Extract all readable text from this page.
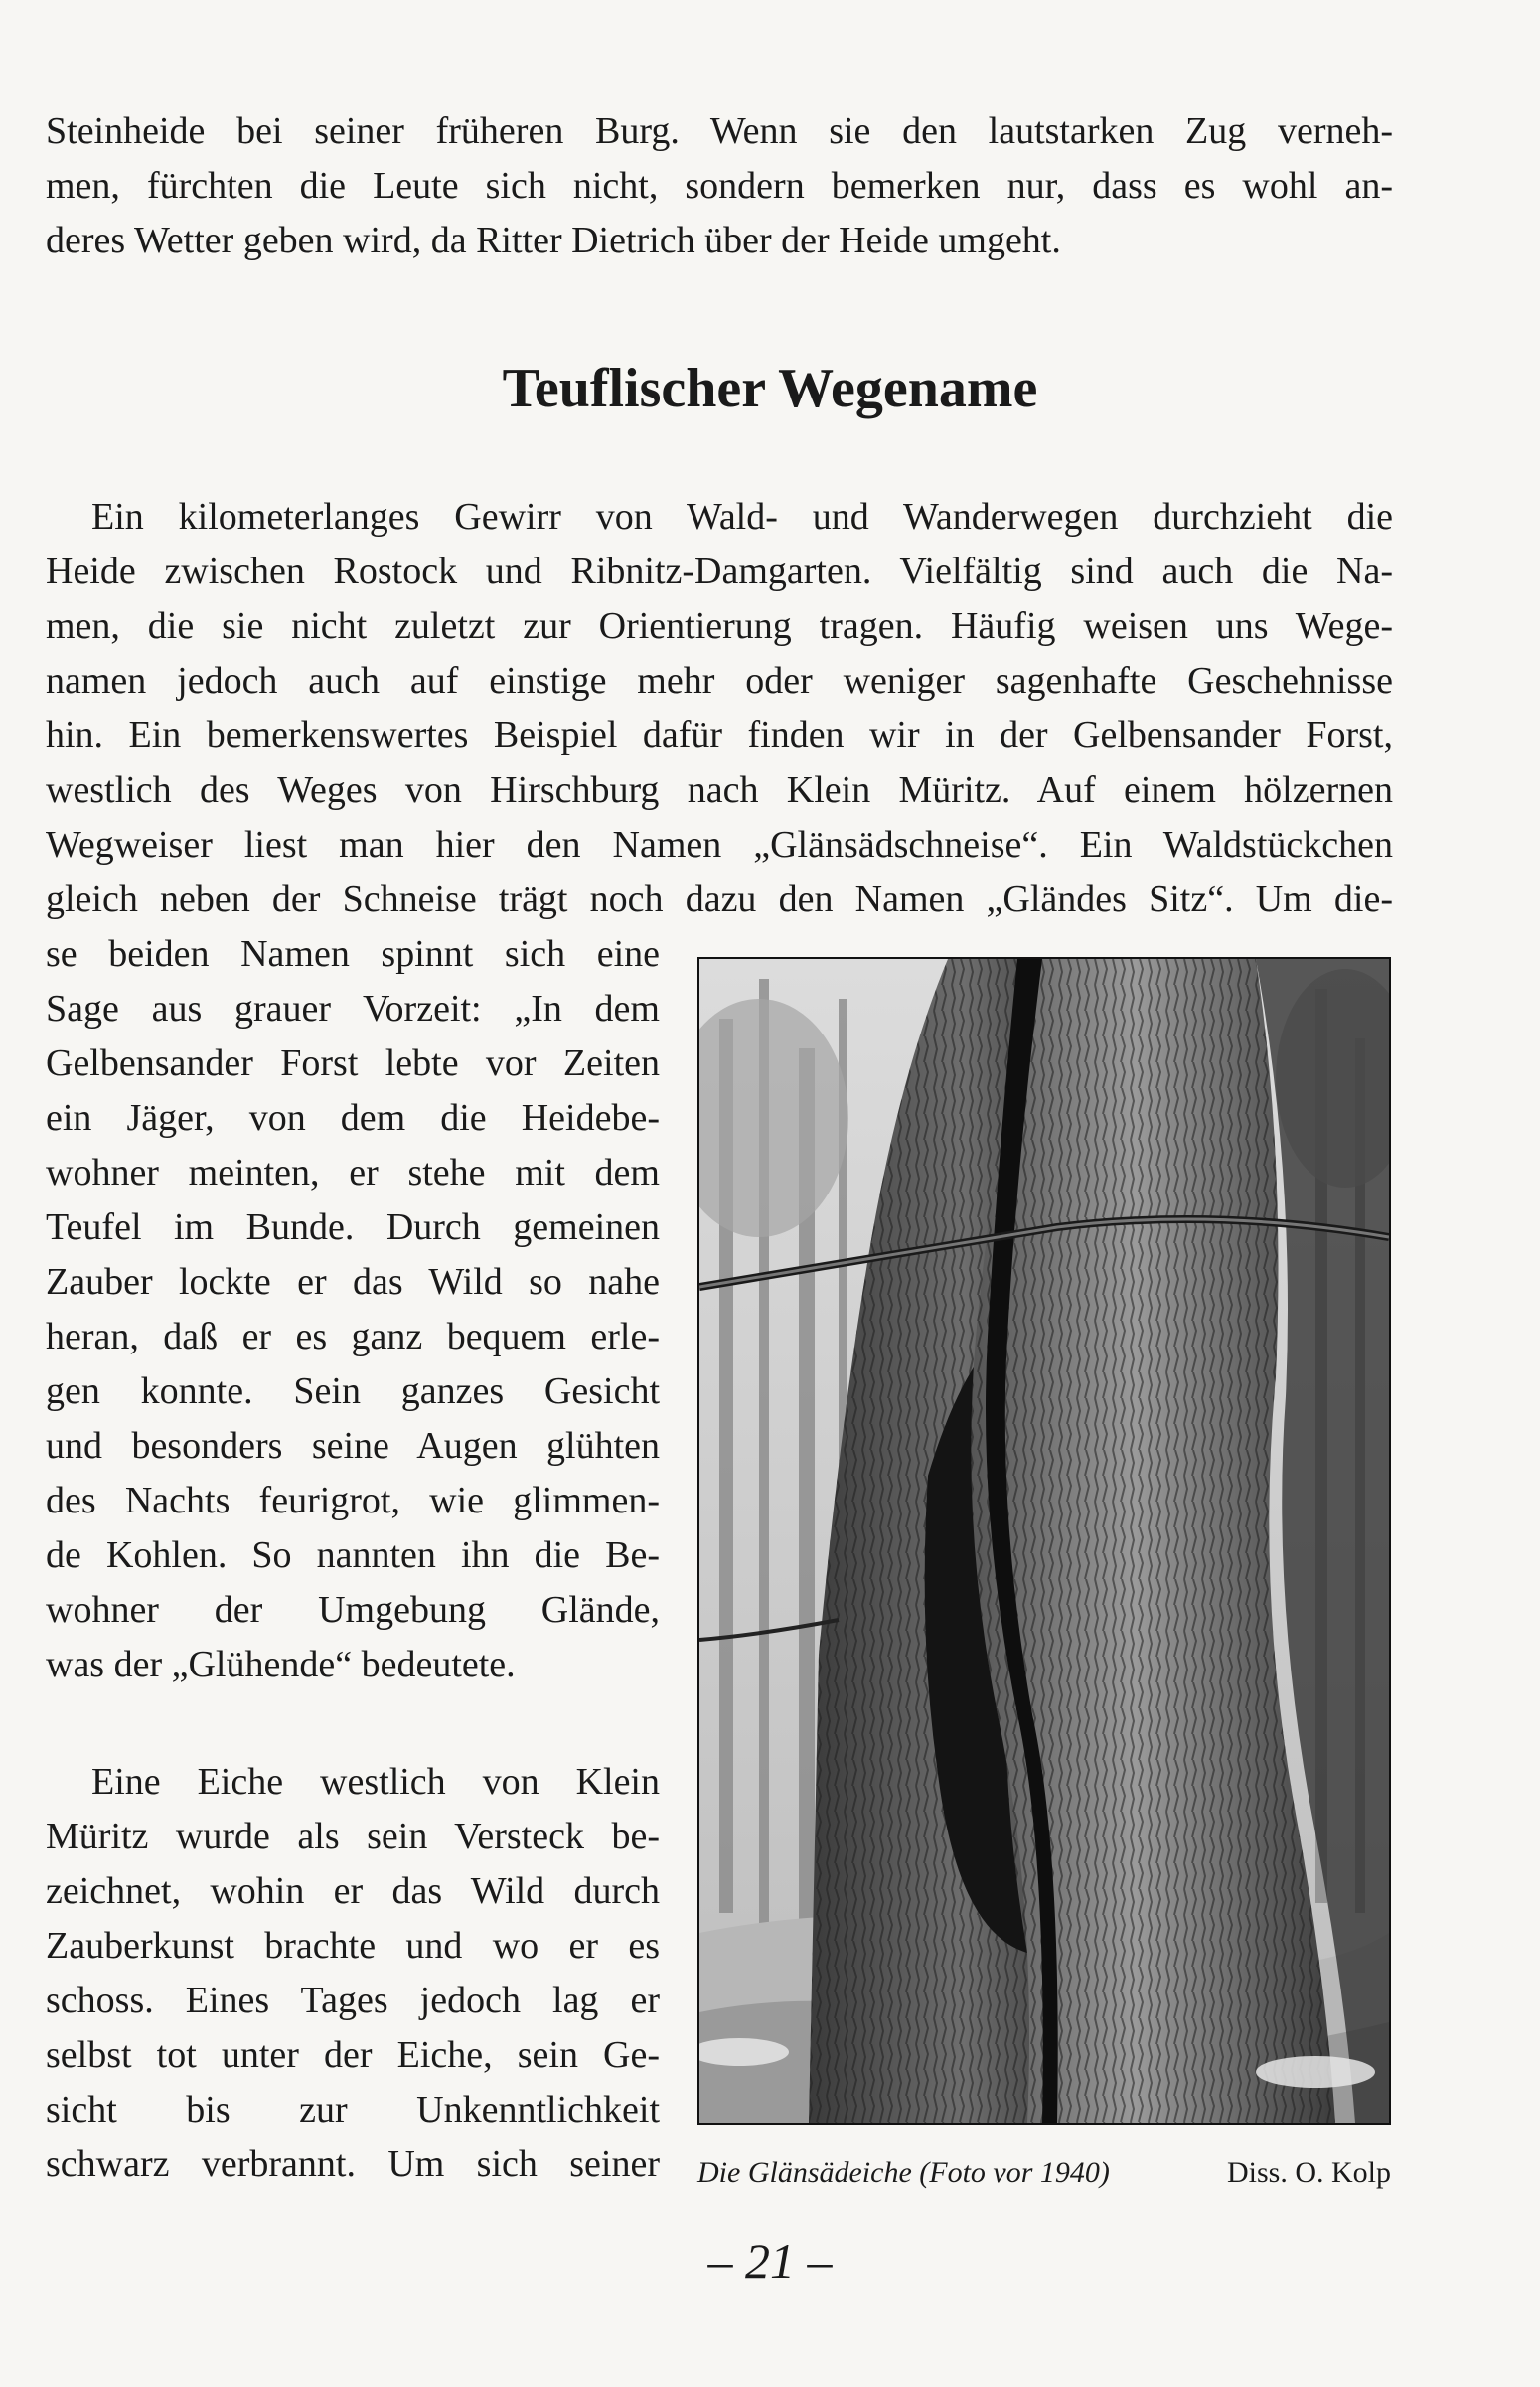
Steinheide bei seiner früheren Burg. Wenn sie den lautstarken Zug verneh-
men, fürchten die Leute sich nicht, sondern bemerken nur, dass es wohl an-
deres Wetter geben wird, da Ritter Dietrich über der Heide umgeht.
Teuflischer Wegename
Ein kilometerlanges Gewirr von Wald- und Wanderwegen durchzieht die
Heide zwischen Rostock und Ribnitz-Damgarten. Vielfältig sind auch die Na-
men, die sie nicht zuletzt zur Orientierung tragen. Häufig weisen uns Wege-
namen jedoch auch auf einstige mehr oder weniger sagenhafte Geschehnisse
hin. Ein bemerkenswertes Beispiel dafür finden wir in der Gelbensander Forst,
westlich des Weges von Hirschburg nach Klein Müritz. Auf einem hölzernen
Wegweiser liest man hier den Namen „Glänsädschneise“. Ein Waldstückchen
gleich neben der Schneise trägt noch dazu den Namen „Gländes Sitz“. Um die-
se beiden Namen spinnt sich eine
Sage aus grauer Vorzeit: „In dem
Gelbensander Forst lebte vor Zeiten
ein Jäger, von dem die Heidebe-
wohner meinten, er stehe mit dem
Teufel im Bunde. Durch gemeinen
Zauber lockte er das Wild so nahe
heran, daß er es ganz bequem erle-
gen konnte. Sein ganzes Gesicht
und besonders seine Augen glühten
des Nachts feurigrot, wie glimmen-
de Kohlen. So nannten ihn die Be-
wohner der Umgebung Glände,
was der „Glühende“ bedeutete.
Eine Eiche westlich von Klein
Müritz wurde als sein Versteck be-
zeichnet, wohin er das Wild durch
Zauberkunst brachte und wo er es
schoss. Eines Tages jedoch lag er
selbst tot unter der Eiche, sein Ge-
sicht bis zur Unkenntlichkeit
schwarz verbrannt. Um sich seiner Die Glänsädeiche (Foto vor 1940)	Diss. O. Kolp
– 21 –
